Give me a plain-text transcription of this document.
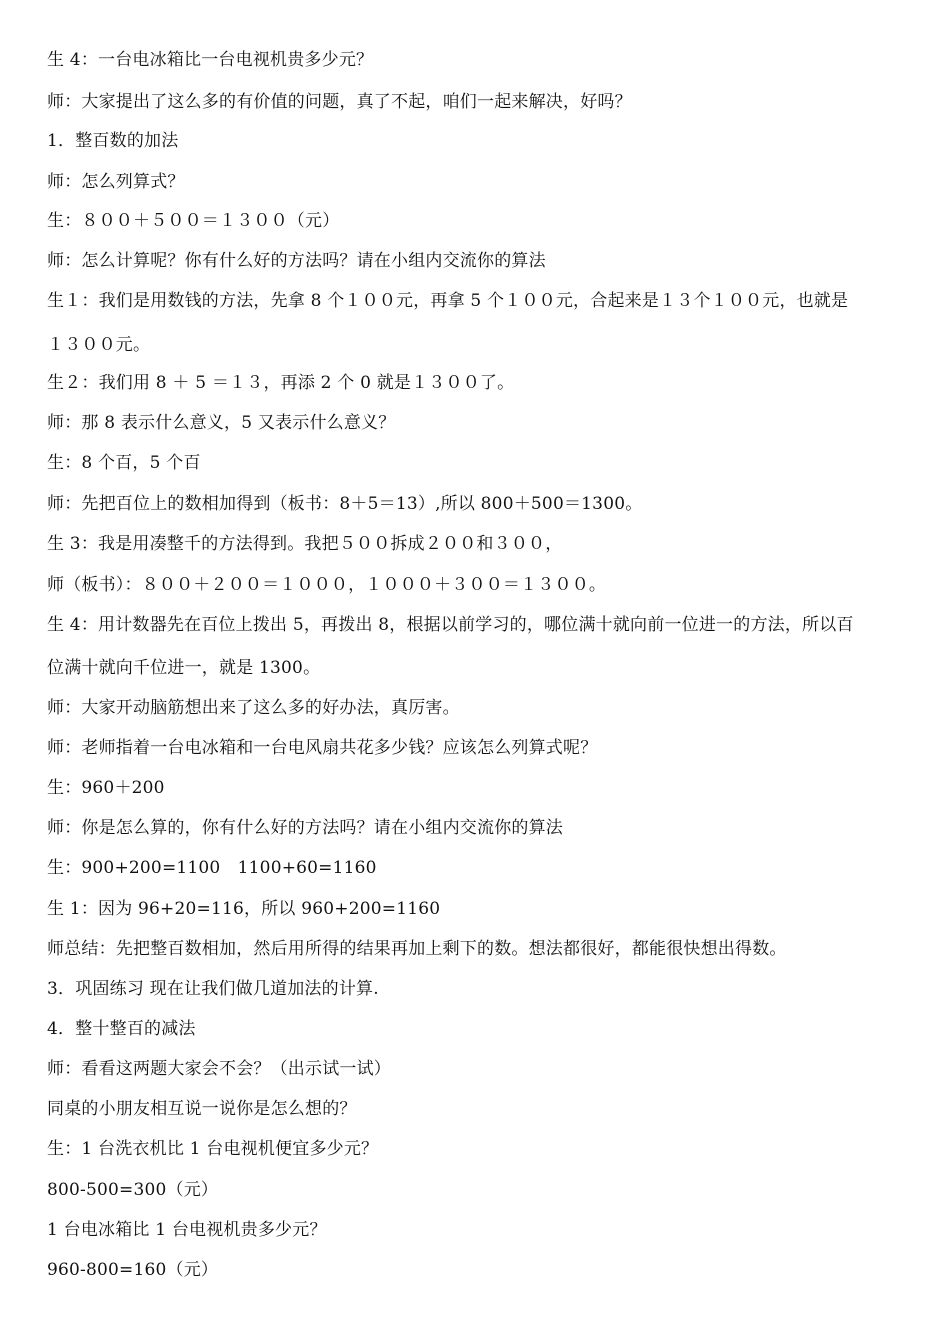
生 4：一台电冰箱比一台电视机贵多少元？
师：大家提出了这么多的有价值的问题，真了不起，咱们一起来解决，好吗？
1．整百数的加法
师：怎么列算式？
生：８００＋５００＝１３００（元）
师：怎么计算呢？你有什么好的方法吗？请在小组内交流你的算法
生１：我们是用数钱的方法，先拿 8 个１００元，再拿 5 个１００元，合起来是１３个１００元，也就是
１３００元。
生２：我们用 8 ＋ 5 ＝１３，再添 2 个 0 就是１３００了。
师：那 8 表示什么意义，5 又表示什么意义？
生：8 个百，5 个百
师：先把百位上的数相加得到（板书：8＋5＝13）,所以 800＋500＝1300。
生 3：我是用凑整千的方法得到。我把５００拆成２００和３００，
师（板书）：８００＋２００＝１０００，１０００＋３００＝１３００。
生 4：用计数器先在百位上拨出 5，再拨出 8，根据以前学习的，哪位满十就向前一位进一的方法，所以百
位满十就向千位进一，就是 1300。
师：大家开动脑筋想出来了这么多的好办法，真厉害。
师：老师指着一台电冰箱和一台电风扇共花多少钱？应该怎么列算式呢？
生：960＋200
师：你是怎么算的，你有什么好的方法吗？请在小组内交流你的算法
生：900+200=1100　1100+60=1160
生 1：因为 96+20=116，所以 960+200=1160
师总结：先把整百数相加，然后用所得的结果再加上剩下的数。想法都很好，都能很快想出得数。
3．巩固练习 现在让我们做几道加法的计算.
4．整十整百的减法
师：看看这两题大家会不会？（出示试一试）
同桌的小朋友相互说一说你是怎么想的？
生：1 台洗衣机比 1 台电视机便宜多少元？
800-500=300（元）
1 台电冰箱比 1 台电视机贵多少元？
960-800=160（元）
